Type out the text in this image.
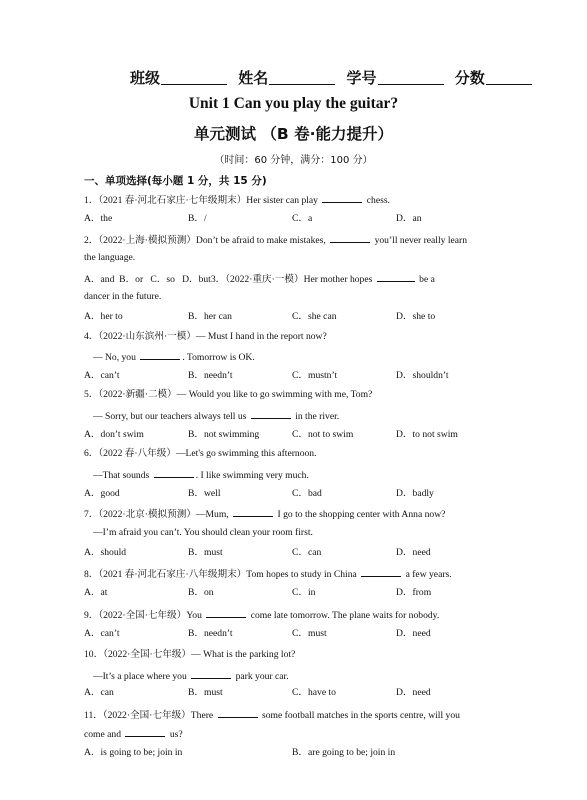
班级	姓名	学号	分数
Unit 1 Can you play the guitar?
单元测试 （B 卷·能力提升）
（时间：60 分钟，满分：100 分）
一、单项选择(每小题 1 分，共 15 分)
1．（2021 春·河北石家庄·七年级期末）Her sister can play	chess.
A．the	B．/	C．a	D．an
2．（2022·上海·模拟预测）Don’t be afraid to make mistakes,	you’ll never really learn
the language.
A．and  B．or   C．so   D．but3．（2022·重庆·一模）Her mother hopes	be a
dancer in the future.
A．her to	B．her can	C．she can	D．she to
4．（2022·山东滨州·一模）— Must I hand in the report now?
— No, you	. Tomorrow is OK.
A．can’t	B．needn’t	C．mustn’t	D．shouldn’t
5．（2022·新疆·二模）— Would you like to go swimming with me, Tom?
— Sorry, but our teachers always tell us	in the river.
A．don’t swim	B．not swimming	C．not to swim	D．to not swim
6．（2022 春·八年级）—Let's go swimming this afternoon.
—That sounds	. I like swimming very much.
A．good	B．well	C．bad	D．badly
7．（2022·北京·模拟预测）—Mum,	I go to the shopping center with Anna now?
—I’m afraid you can’t. You should clean your room first.
A．should	B．must	C．can	D．need
8．（2021 春·河北石家庄·八年级期末）Tom hopes to study in China	a few years.
A．at	B．on	C．in	D．from
9．（2022·全国·七年级）You	come late tomorrow. The plane waits for nobody.
A．can’t	B．needn’t	C．must	D．need
10．（2022·全国·七年级）— What is the parking lot?
—It’s a place where you	park your car.
A．can	B．must	C．have to	D．need
11．（2022·全国·七年级）There	some football matches in the sports centre, will you
come and	us?
A．is going to be; join in	B．are going to be; join in
